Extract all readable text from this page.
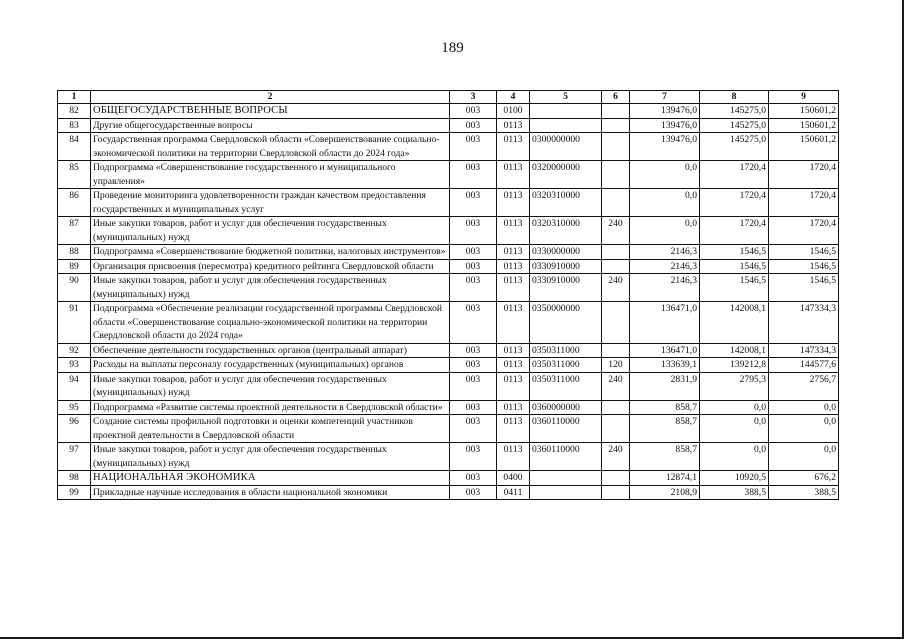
189
1	2	3	4	5	6	7	8	9
82	ОБЩЕГОСУДАРСТВЕННЫЕ ВОПРОСЫ	003	0100			139476,0	145275,0	150601,2
83	Другие общегосударственные вопросы	003	0113			139476,0	145275,0	150601,2
84	Государственная программа Свердловской области «Совершенствование социально-экономической политики на территории Свердловской области до 2024 года»	003	0113	0300000000		139476,0	145275,0	150601,2
85	Подпрограмма «Совершенствование государственного и муниципального управления»	003	0113	0320000000		0,0	1720,4	1720,4
86	Проведение мониторинга удовлетворенности граждан качеством предоставления государственных и муниципальных услуг	003	0113	0320310000		0,0	1720,4	1720,4
87	Иные закупки товаров, работ и услуг для обеспечения государственных (муниципальных) нужд	003	0113	0320310000	240	0,0	1720,4	1720,4
88	Подпрограмма «Совершенствование бюджетной политики, налоговых инструментов»	003	0113	0330000000		2146,3	1546,5	1546,5
89	Организация присвоения (пересмотра) кредитного рейтинга Свердловской области	003	0113	0330910000		2146,3	1546,5	1546,5
90	Иные закупки товаров, работ и услуг для обеспечения государственных (муниципальных) нужд	003	0113	0330910000	240	2146,3	1546,5	1546,5
91	Подпрограмма «Обеспечение реализации государственной программы Свердловской области «Совершенствование социально-экономической политики на территории Свердловской области до 2024 года»	003	0113	0350000000		136471,0	142008,1	147334,3
92	Обеспечение деятельности государственных органов (центральный аппарат)	003	0113	0350311000		136471,0	142008,1	147334,3
93	Расходы на выплаты персоналу государственных (муниципальных) органов	003	0113	0350311000	120	133639,1	139212,8	144577,6
94	Иные закупки товаров, работ и услуг для обеспечения государственных (муниципальных) нужд	003	0113	0350311000	240	2831,9	2795,3	2756,7
95	Подпрограмма «Развитие системы проектной деятельности в Свердловской области»	003	0113	0360000000		858,7	0,0	0,0
96	Создание системы профильной подготовки и оценки компетенций участников проектной деятельности в Свердловской области	003	0113	0360110000		858,7	0,0	0,0
97	Иные закупки товаров, работ и услуг для обеспечения государственных (муниципальных) нужд	003	0113	0360110000	240	858,7	0,0	0,0
98	НАЦИОНАЛЬНАЯ ЭКОНОМИКА	003	0400			12874,1	10920,5	676,2
99	Прикладные научные исследования в области национальной экономики	003	0411			2108,9	388,5	388,5
